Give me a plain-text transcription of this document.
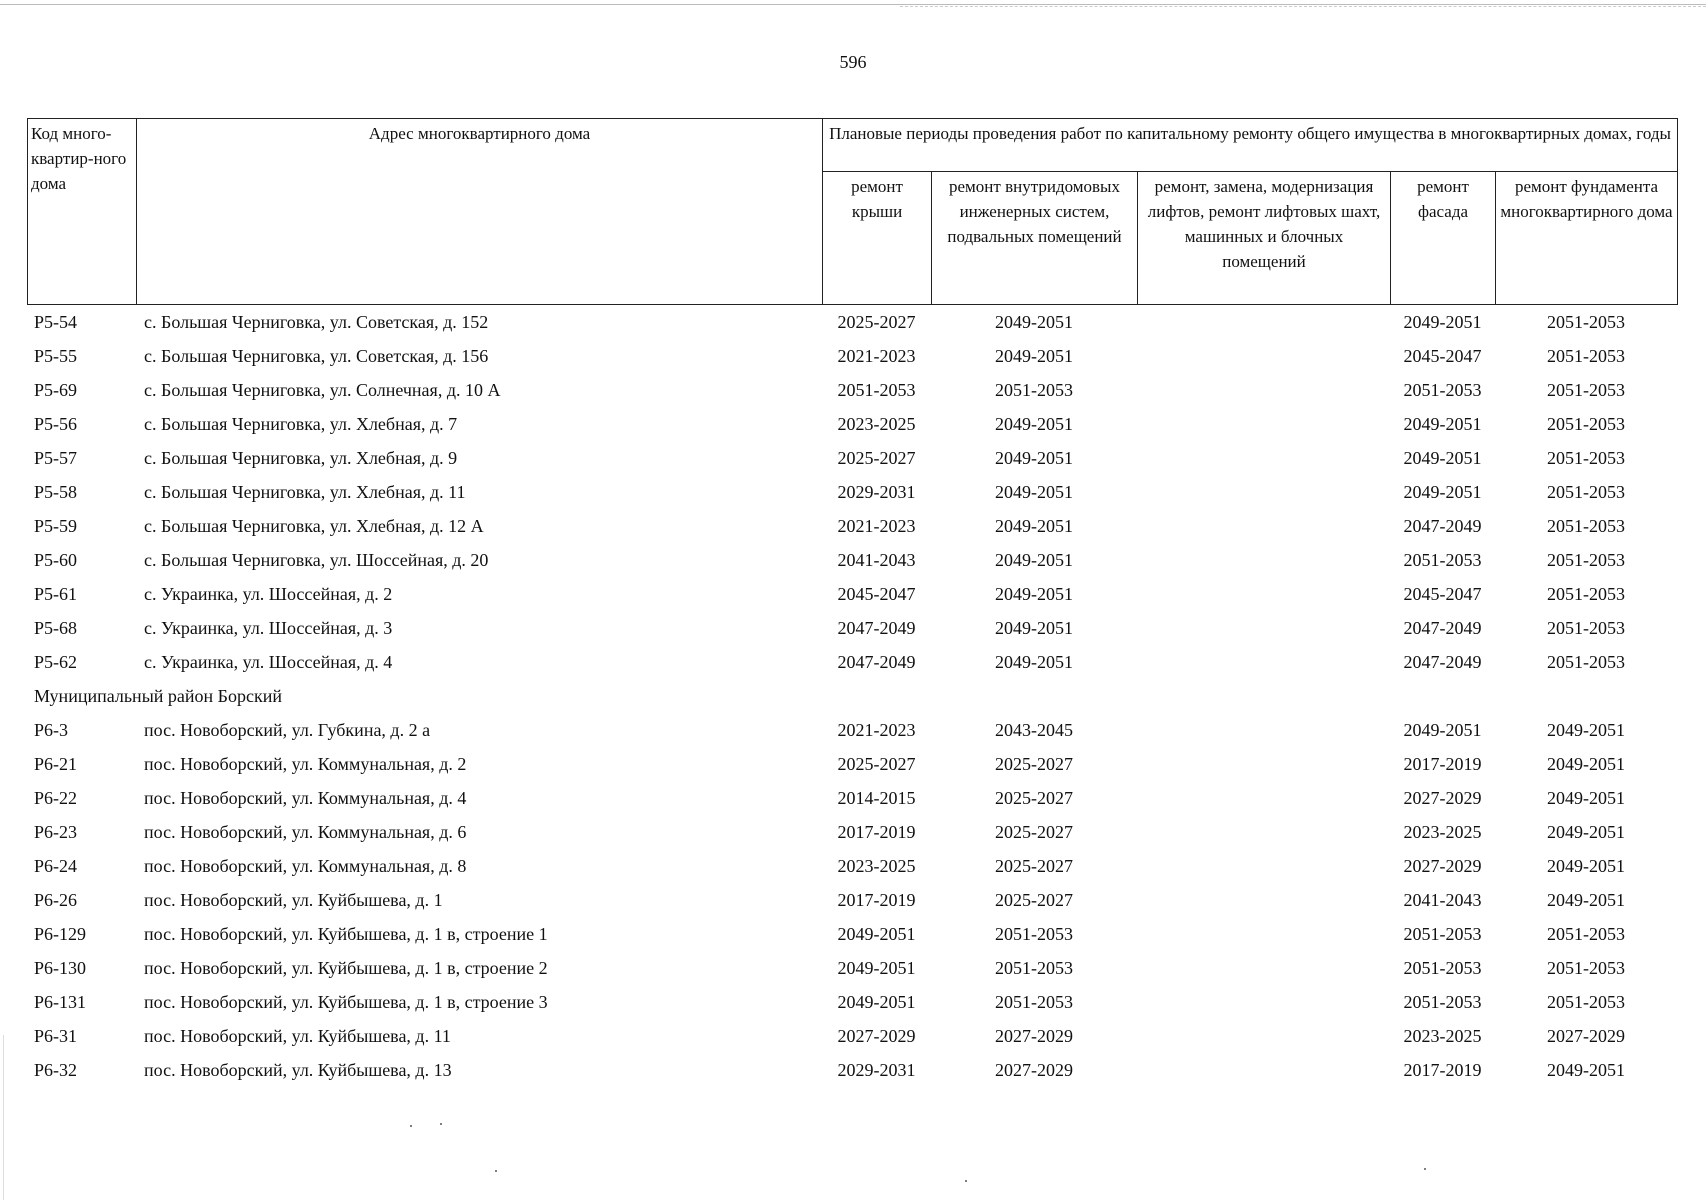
596
Код много-квартир-ного дома	Адрес многоквартирного дома	Плановые периоды проведения работ по капитальному ремонту общего имущества в многоквартирных домах, годы				
		ремонт крыши	ремонт внутридомовых инженерных систем, подвальных помещений	ремонт, замена, модернизация лифтов, ремонт лифтовых шахт, машинных и блочных помещений	ремонт фасада	ремонт фундамента многоквартирного дома
Р5-54	с. Большая Черниговка, ул. Советская, д. 152	2025-2027	2049-2051		2049-2051	2051-2053
Р5-55	с. Большая Черниговка, ул. Советская, д. 156	2021-2023	2049-2051		2045-2047	2051-2053
Р5-69	с. Большая Черниговка, ул. Солнечная, д. 10 А	2051-2053	2051-2053		2051-2053	2051-2053
Р5-56	с. Большая Черниговка, ул. Хлебная, д. 7	2023-2025	2049-2051		2049-2051	2051-2053
Р5-57	с. Большая Черниговка, ул. Хлебная, д. 9	2025-2027	2049-2051		2049-2051	2051-2053
Р5-58	с. Большая Черниговка, ул. Хлебная, д. 11	2029-2031	2049-2051		2049-2051	2051-2053
Р5-59	с. Большая Черниговка, ул. Хлебная, д. 12 А	2021-2023	2049-2051		2047-2049	2051-2053
Р5-60	с. Большая Черниговка, ул. Шоссейная, д. 20	2041-2043	2049-2051		2051-2053	2051-2053
Р5-61	с. Украинка, ул. Шоссейная, д. 2	2045-2047	2049-2051		2045-2047	2051-2053
Р5-68	с. Украинка, ул. Шоссейная, д. 3	2047-2049	2049-2051		2047-2049	2051-2053
Р5-62	с. Украинка, ул. Шоссейная, д. 4	2047-2049	2049-2051		2047-2049	2051-2053
Муниципальный район Борский						
Р6-3	пос. Новоборский, ул. Губкина, д. 2 а	2021-2023	2043-2045		2049-2051	2049-2051
Р6-21	пос. Новоборский, ул. Коммунальная, д. 2	2025-2027	2025-2027		2017-2019	2049-2051
Р6-22	пос. Новоборский, ул. Коммунальная, д. 4	2014-2015	2025-2027		2027-2029	2049-2051
Р6-23	пос. Новоборский, ул. Коммунальная, д. 6	2017-2019	2025-2027		2023-2025	2049-2051
Р6-24	пос. Новоборский, ул. Коммунальная, д. 8	2023-2025	2025-2027		2027-2029	2049-2051
Р6-26	пос. Новоборский, ул. Куйбышева, д. 1	2017-2019	2025-2027		2041-2043	2049-2051
Р6-129	пос. Новоборский, ул. Куйбышева, д. 1 в, строение 1	2049-2051	2051-2053		2051-2053	2051-2053
Р6-130	пос. Новоборский, ул. Куйбышева, д. 1 в, строение 2	2049-2051	2051-2053		2051-2053	2051-2053
Р6-131	пос. Новоборский, ул. Куйбышева, д. 1 в, строение 3	2049-2051	2051-2053		2051-2053	2051-2053
Р6-31	пос. Новоборский, ул. Куйбышева, д. 11	2027-2029	2027-2029		2023-2025	2027-2029
Р6-32	пос. Новоборский, ул. Куйбышева, д. 13	2029-2031	2027-2029		2017-2019	2049-2051
